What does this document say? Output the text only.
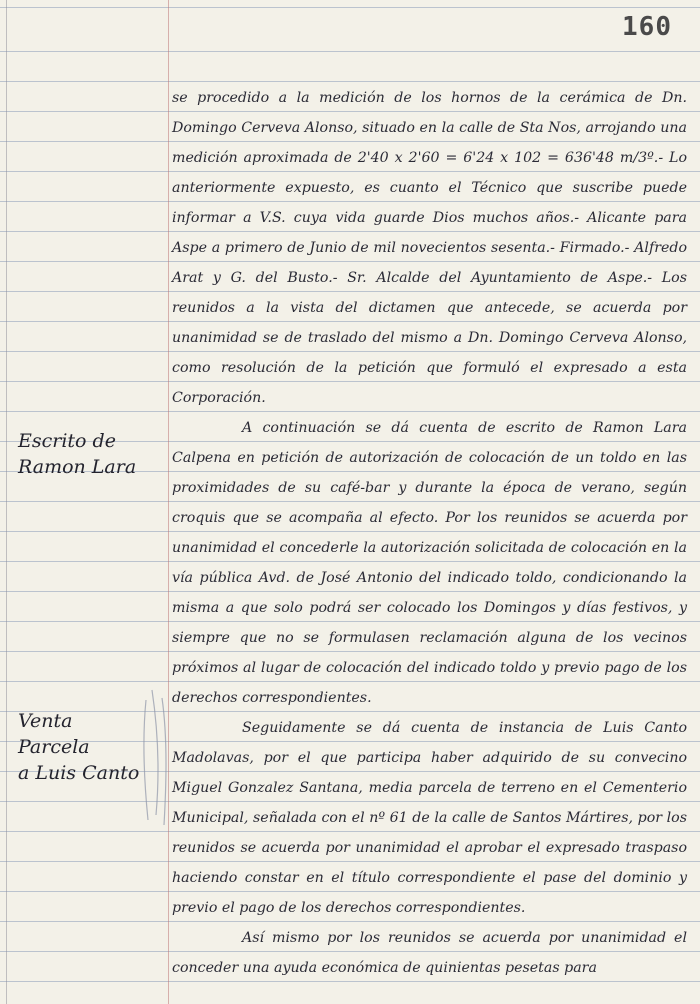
160
Escrito de
Ramon Lara
Venta
Parcela
a Luis Canto

se procedido a la medición de los hornos de la cerámica de Dn. Domingo Cerveva Alonso, situado en la calle de Sta Nos, arrojando una medición aproximada de 2'40 x 2'60 = 6'24 x 102 = 636'48 m/3º.- Lo anteriormente expuesto, es cuanto el Técnico que suscribe puede informar a V.S. cuya vida guarde Dios muchos años.- Alicante para Aspe a primero de Junio de mil novecientos sesenta.- Firmado.- Alfredo Arat y G. del Busto.- Sr. Alcalde del Ayuntamiento de Aspe.- Los reunidos a la vista del dictamen que antecede, se acuerda por unanimidad se de traslado del mismo a Dn. Domingo Cerveva Alonso, como resolución de la petición que formuló el expresado a esta Corporación.

A continuación se dá cuenta de escrito de Ramon Lara Calpena en petición de autorización de colocación de un toldo en las proximidades de su café-bar y durante la época de verano, según croquis que se acompaña al efecto. Por los reunidos se acuerda por unanimidad el concederle la autorización solicitada de colocación en la vía pública Avd. de José Antonio del indicado toldo, condicionando la misma a que solo podrá ser colocado los Domingos y días festivos, y siempre que no se formulasen reclamación alguna de los vecinos próximos al lugar de colocación del indicado toldo y previo pago de los derechos correspondientes.

Seguidamente se dá cuenta de instancia de Luis Canto Madolavas, por el que participa haber adquirido de su convecino Miguel Gonzalez Santana, media parcela de terreno en el Cementerio Municipal, señalada con el nº 61 de la calle de Santos Mártires, por los reunidos se acuerda por unanimidad el aprobar el expresado traspaso haciendo constar en el título correspondiente el pase del dominio y previo el pago de los derechos correspondientes.

Así mismo por los reunidos se acuerda por unanimidad el conceder una ayuda económica de quinientas pesetas para
